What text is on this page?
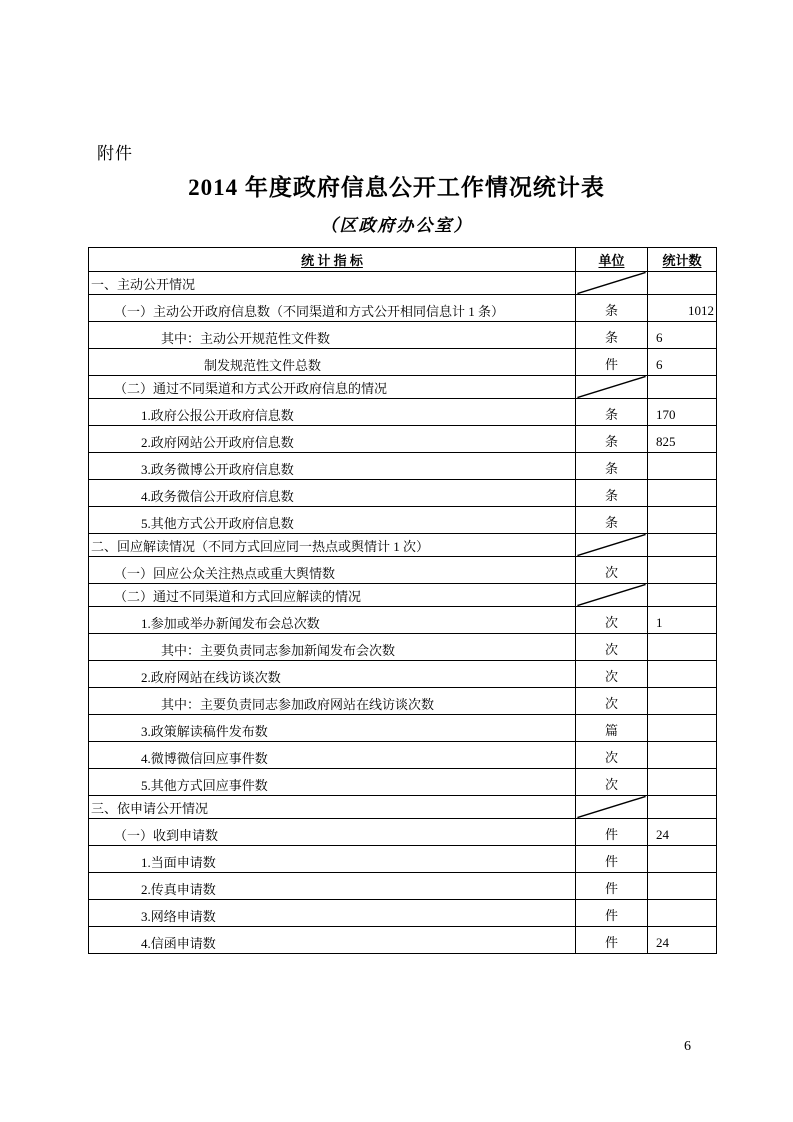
附件
2014 年度政府信息公开工作情况统计表
（区政府办公室）
统 计 指 标	单位	统计数
一、主动公开情况	

（一）主动公开政府信息数（不同渠道和方式公开相同信息计 1 条）	条	1012
其中：主动公开规范性文件数	条	6
制发规范性文件总数	件	6
（二）通过不同渠道和方式公开政府信息的情况	

1.政府公报公开政府信息数	条	170
2.政府网站公开政府信息数	条	825
3.政务微博公开政府信息数	条	
4.政务微信公开政府信息数	条	
5.其他方式公开政府信息数	条	
二、回应解读情况（不同方式回应同一热点或舆情计 1 次）	

（一）回应公众关注热点或重大舆情数	次	
（二）通过不同渠道和方式回应解读的情况	

1.参加或举办新闻发布会总次数	次	1
其中：主要负责同志参加新闻发布会次数	次	
2.政府网站在线访谈次数	次	
其中：主要负责同志参加政府网站在线访谈次数	次	
3.政策解读稿件发布数	篇	
4.微博微信回应事件数	次	
5.其他方式回应事件数	次	
三、依申请公开情况	

（一）收到申请数	件	24
1.当面申请数	件	
2.传真申请数	件	
3.网络申请数	件	
4.信函申请数	件	24
6
